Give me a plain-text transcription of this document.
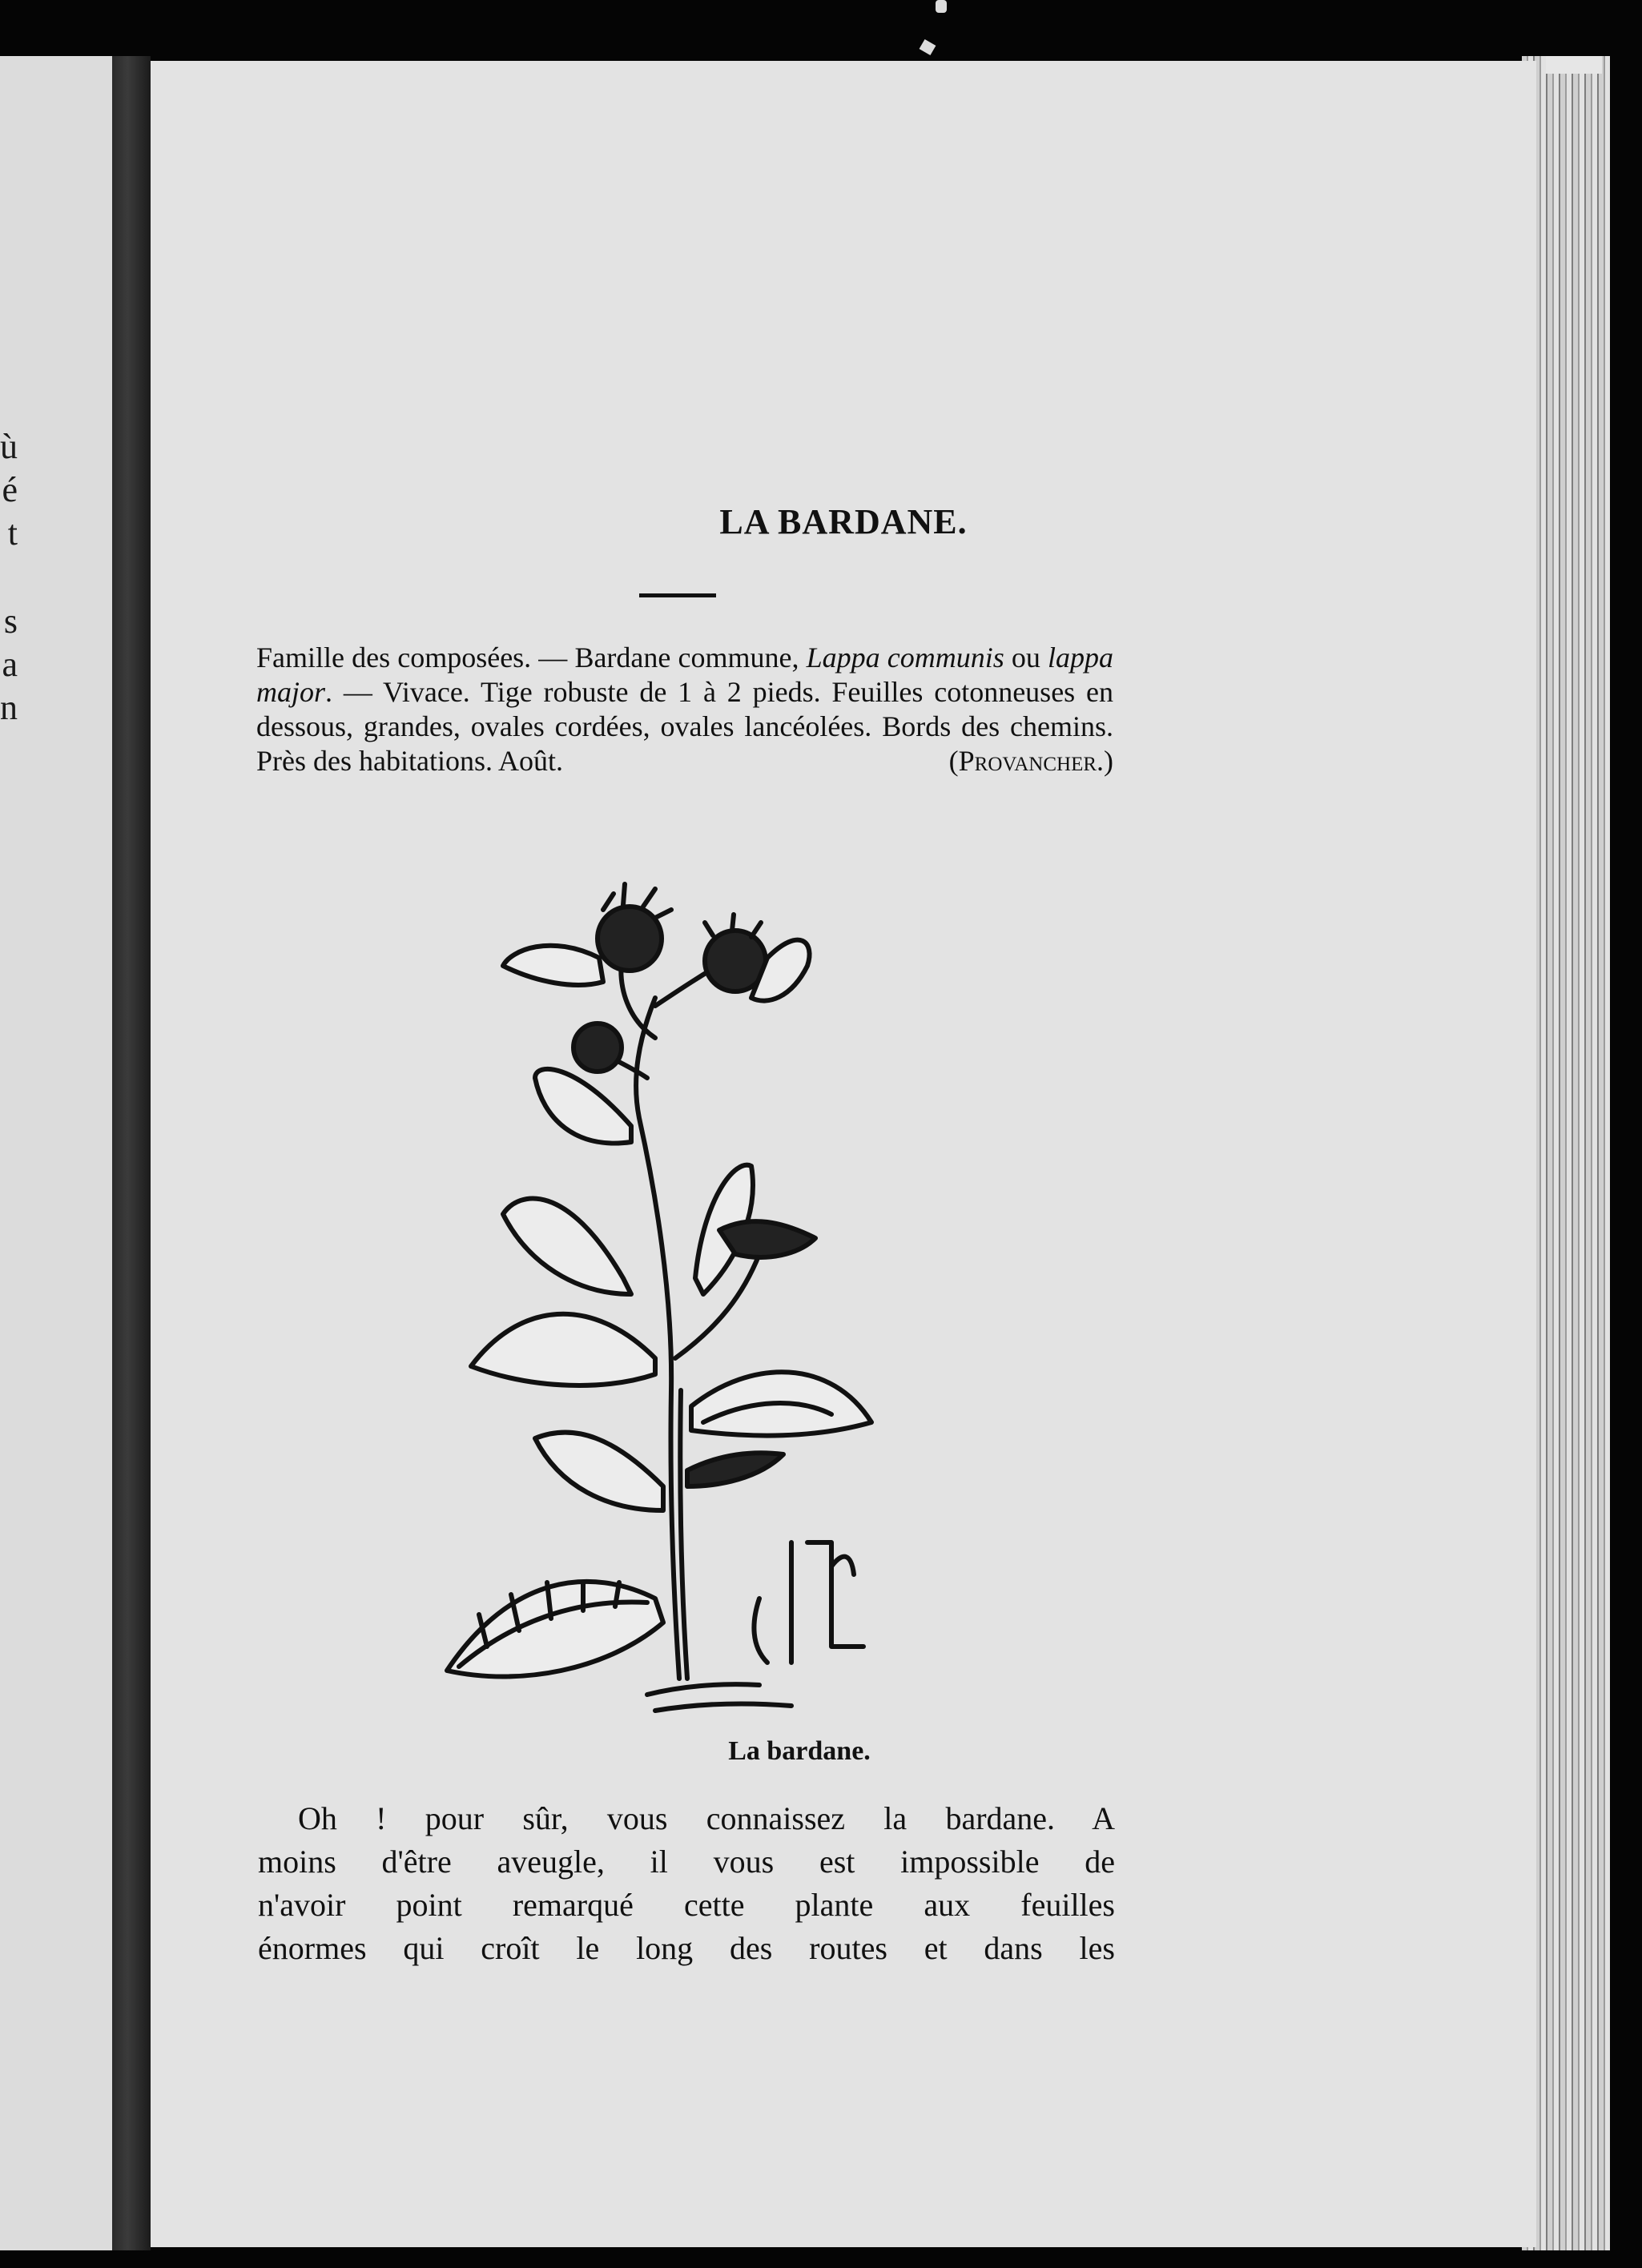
ù
é
t
s
a
n
LA BARDANE.
Famille des composées. — Bardane commune, Lappa communis ou lappa major. — Vivace. Tige robuste de 1 à 2 pieds. Feuilles cotonneuses en dessous, grandes, ovales cordées, ovales lancéolées. Bords des chemins. Près des habitations. Août.	(Provancher.)
La bardane.
Oh ! pour sûr, vous connaissez la bardane. A
moins d'être aveugle, il vous est impossible de
n'avoir point remarqué cette plante aux feuilles
énormes qui croît le long des routes et dans les
